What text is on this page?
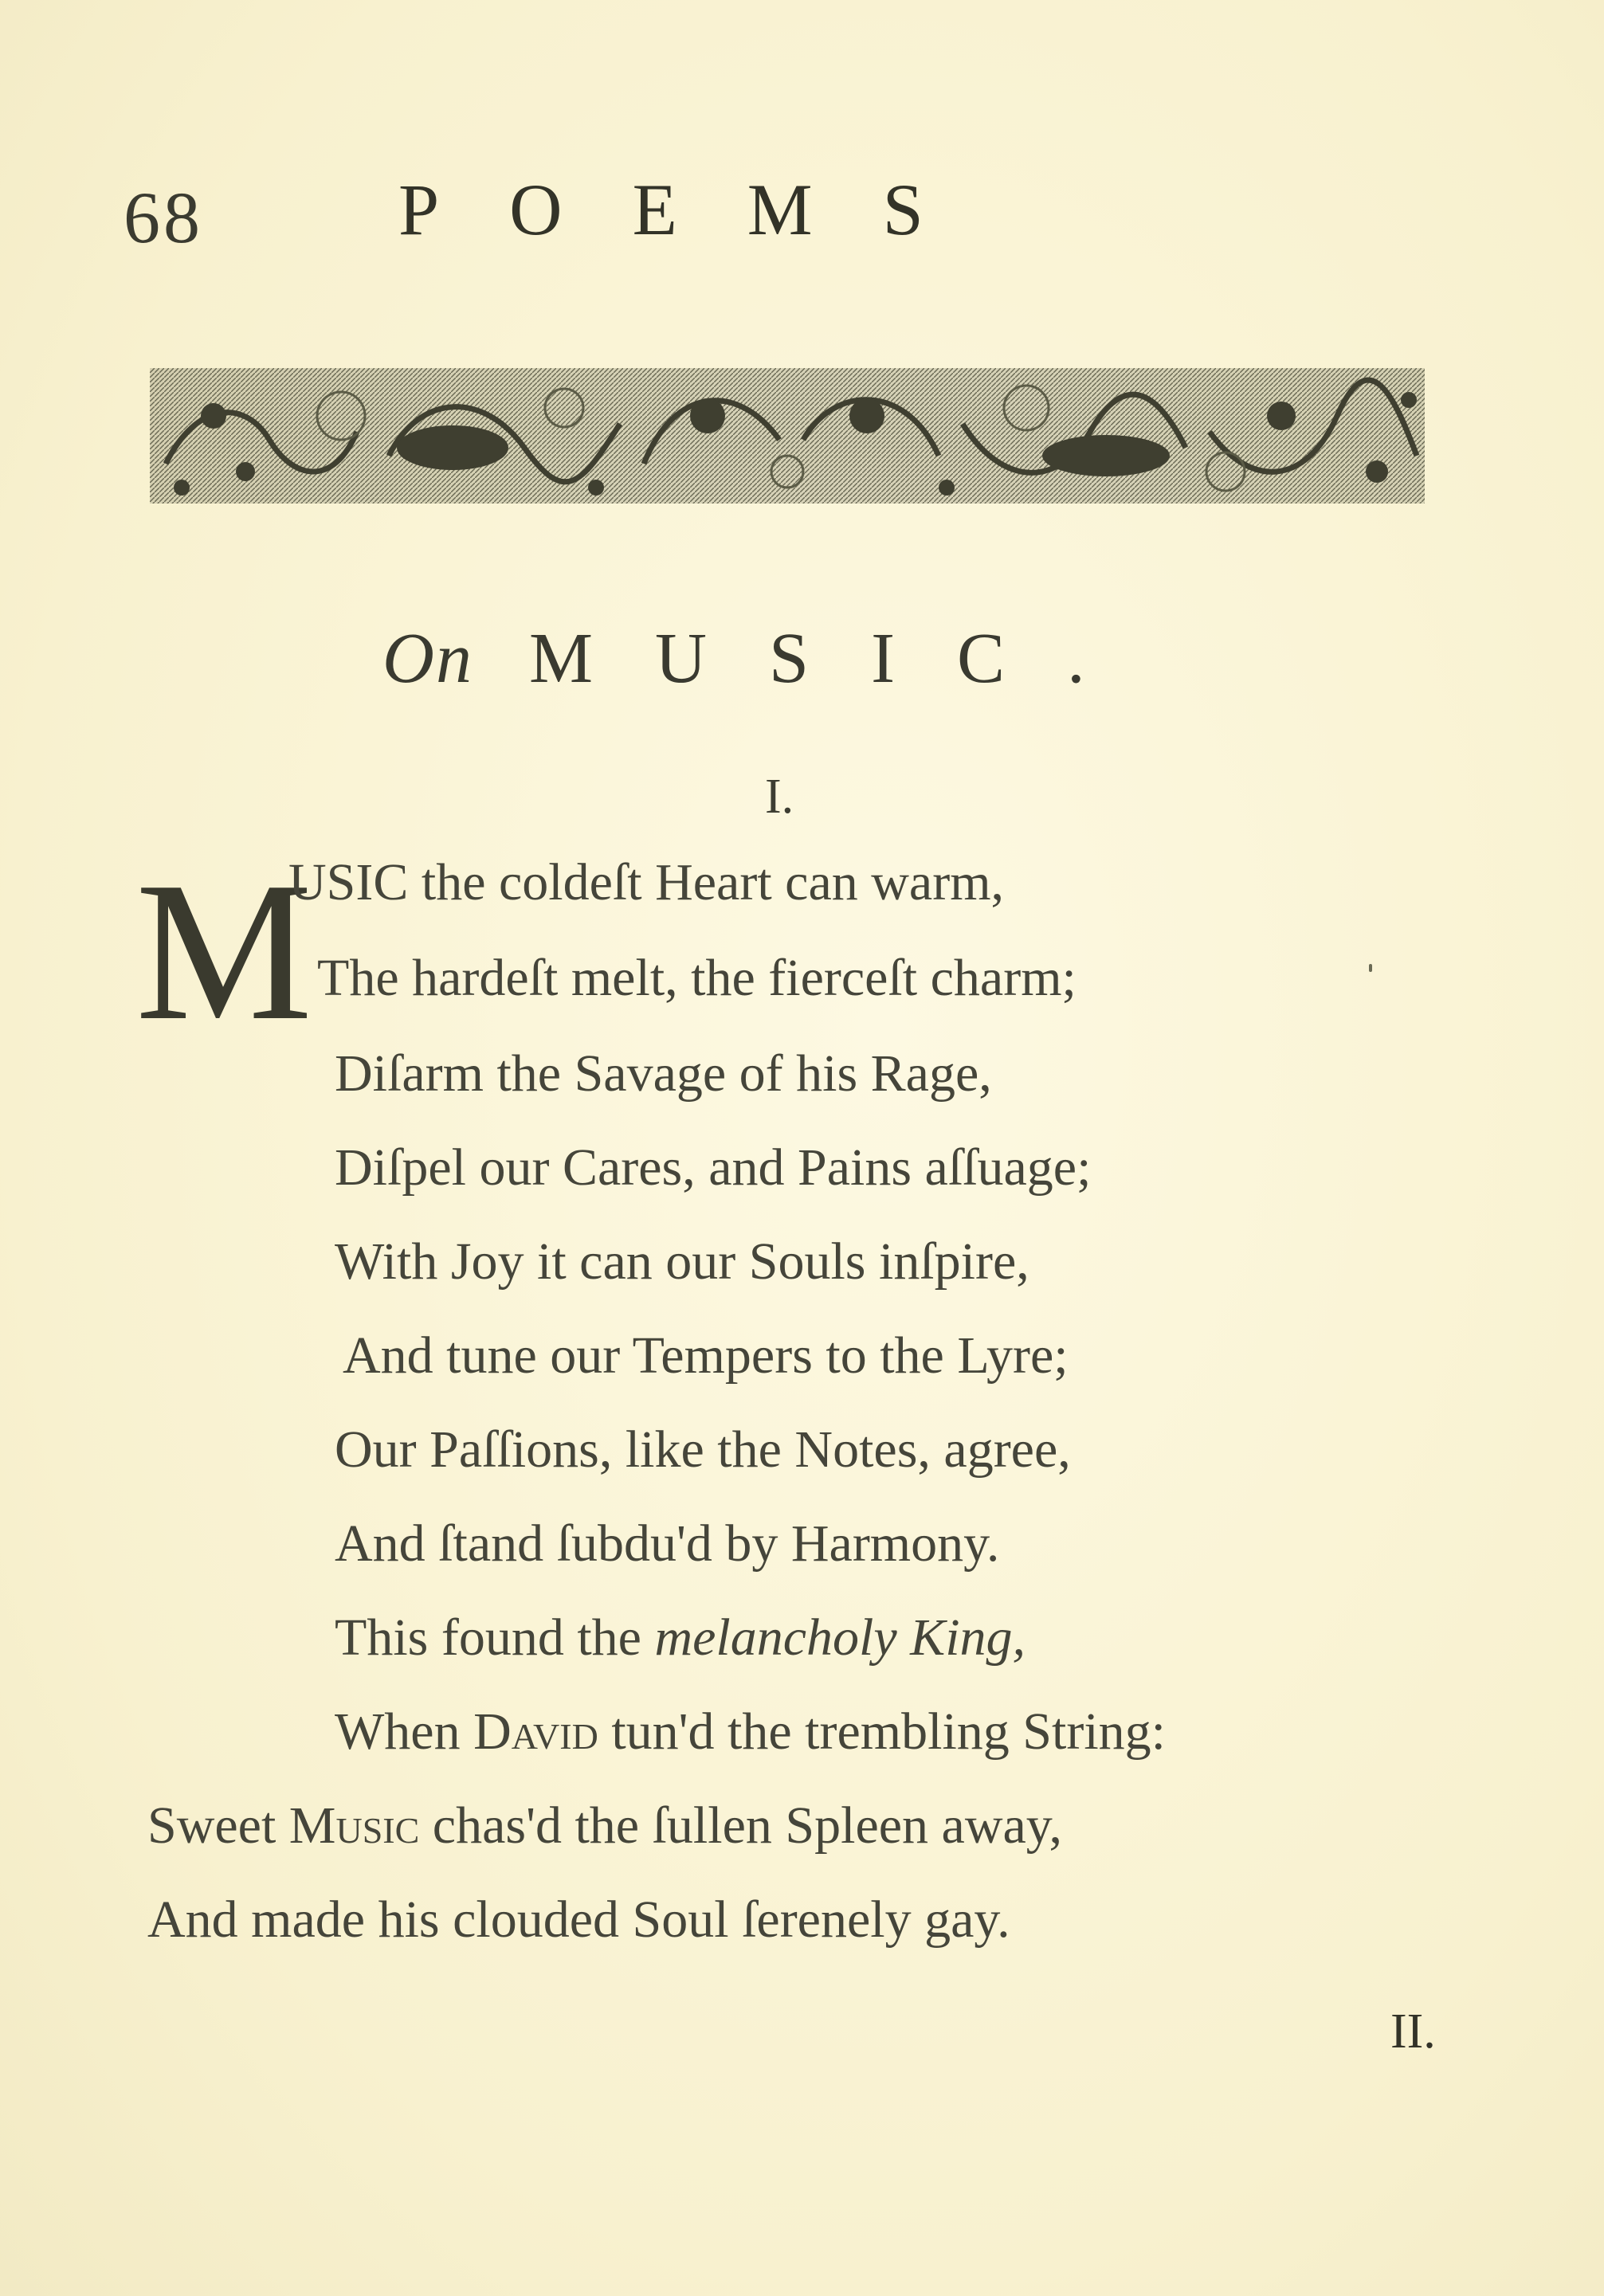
68	POEMS
On MUSIC.
I.
M
USIC the coldeſt Heart can warm,
The hardeſt melt, the fierceſt charm;
Diſarm the Savage of his Rage,
Diſpel our Cares, and Pains aſſuage;
With Joy it can our Souls inſpire,
And tune our Tempers to the Lyre;
Our Paſſions, like the Notes, agree,
And ſtand ſubdu'd by Harmony.
This found the melancholy King,
When David tun'd the trembling String:
Sweet Music chas'd the ſullen Spleen away,
And made his clouded Soul ſerenely gay.
II.
